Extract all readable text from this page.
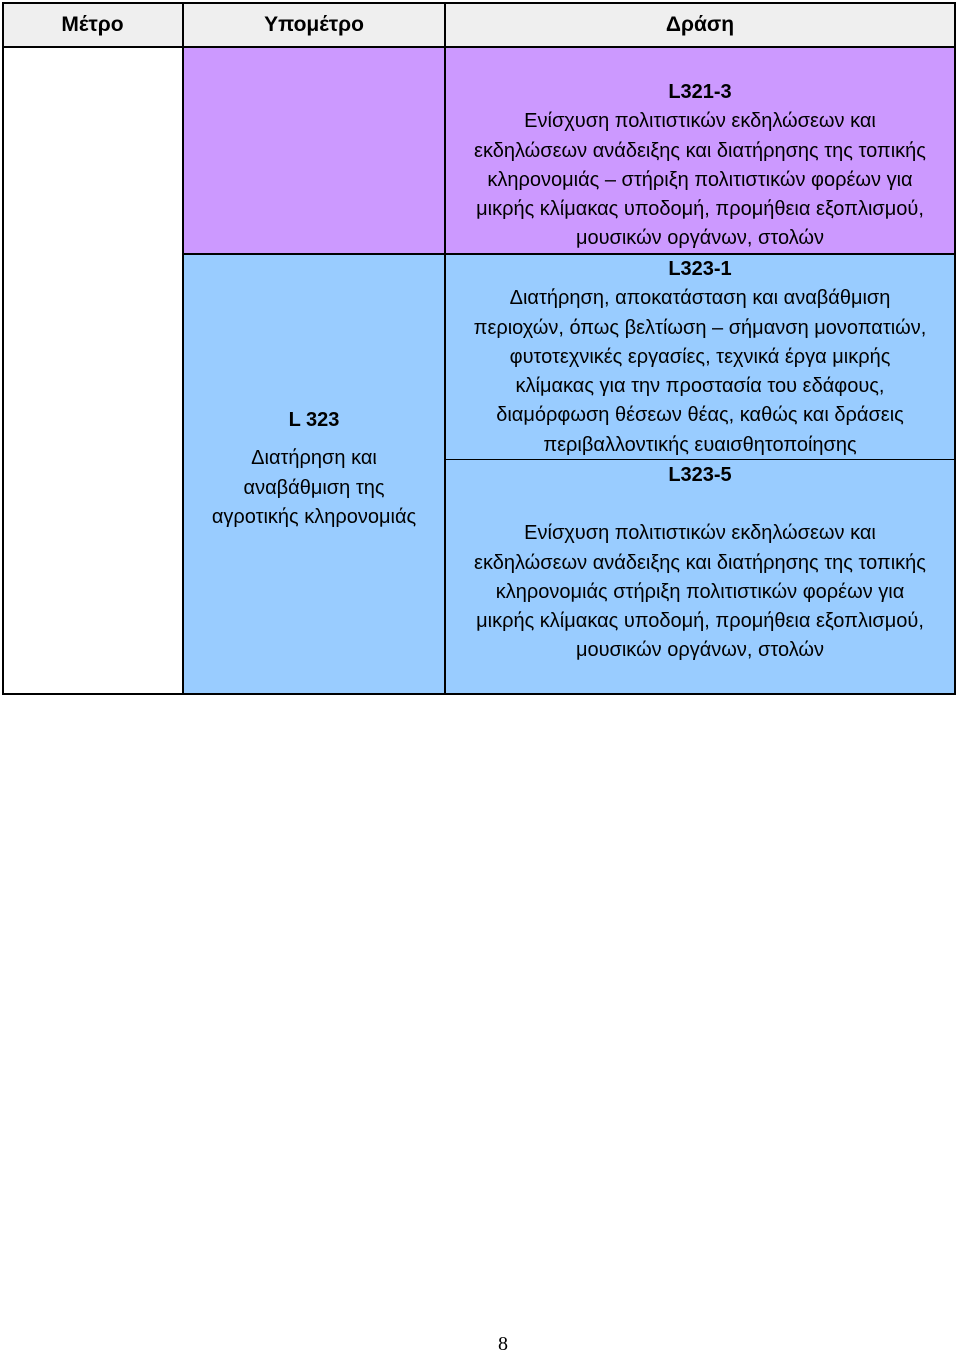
Μέτρο	Υπομέτρο	Δράση
L 323
Διατήρηση και
αναβάθμιση της
αγροτικής κληρονομιάς
L321-3
Ενίσχυση πολιτιστικών εκδηλώσεων και
εκδηλώσεων ανάδειξης και διατήρησης της τοπικής
κληρονομιάς – στήριξη πολιτιστικών φορέων για
μικρής κλίμακας υποδομή, προμήθεια εξοπλισμού,
μουσικών οργάνων, στολών
L323-1
Διατήρηση, αποκατάσταση και αναβάθμιση
περιοχών, όπως βελτίωση – σήμανση μονοπατιών,
φυτοτεχνικές εργασίες, τεχνικά έργα μικρής
κλίμακας για την προστασία του εδάφους,
διαμόρφωση θέσεων θέας, καθώς και δράσεις
περιβαλλοντικής ευαισθητοποίησης
L323-5
Ενίσχυση πολιτιστικών εκδηλώσεων και
εκδηλώσεων ανάδειξης και διατήρησης της τοπικής
κληρονομιάς στήριξη πολιτιστικών φορέων για
μικρής κλίμακας υποδομή, προμήθεια εξοπλισμού,
μουσικών οργάνων, στολών
8
